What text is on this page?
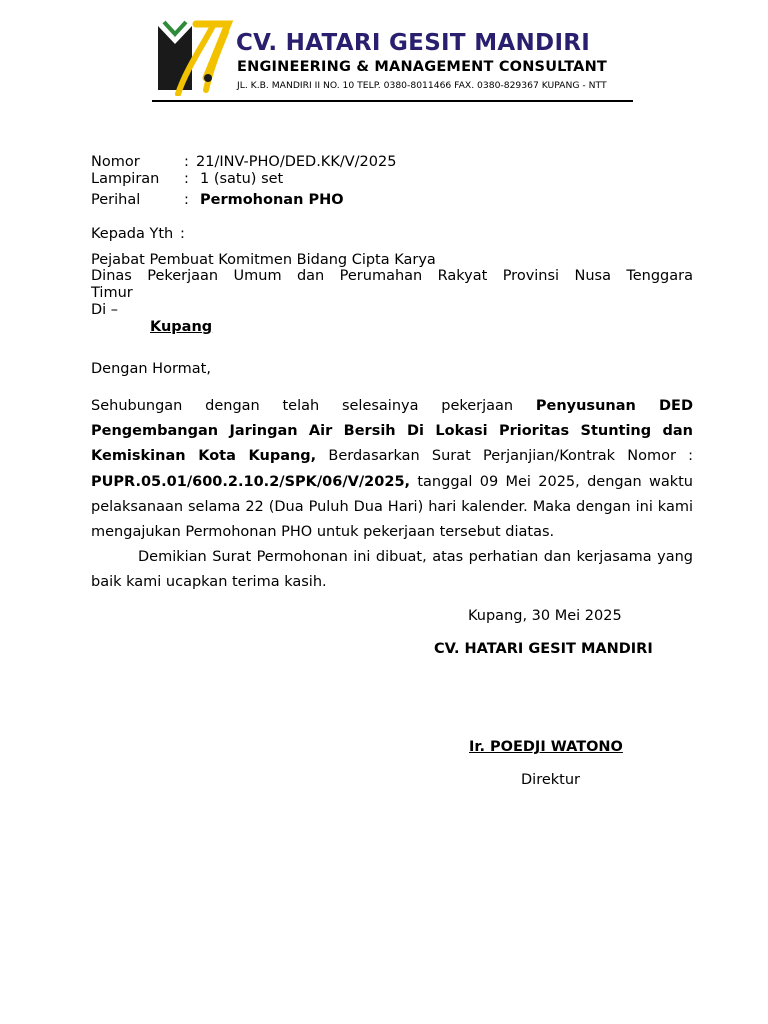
CV. HATARI GESIT MANDIRI
ENGINEERING & MANAGEMENT CONSULTANT
JL. K.B. MANDIRI II NO. 10 TELP. 0380-8011466 FAX. 0380-829367 KUPANG - NTT
Nomor	: 21/INV-PHO/DED.KK/V/2025
Lampiran : 1 (satu) set
Perihal	: Permohonan PHO
Kepada Yth :
Pejabat Pembuat Komitmen Bidang Cipta Karya
Dinas Pekerjaan Umum dan Perumahan Rakyat Provinsi Nusa Tenggara
Timur
Di –
Kupang
Dengan Hormat,

Sehubungan dengan telah selesainya pekerjaan Penyusunan DED Pengembangan Jaringan Air Bersih Di Lokasi Prioritas Stunting dan Kemiskinan Kota Kupang, Berdasarkan Surat Perjanjian/Kontrak Nomor : PUPR.05.01/600.2.10.2/SPK/06/V/2025, tanggal 09 Mei 2025, dengan waktu pelaksanaan selama 22 (Dua Puluh Dua Hari) hari kalender. Maka dengan ini kami mengajukan Permohonan PHO untuk pekerjaan tersebut diatas.

Demikian Surat Permohonan ini dibuat, atas perhatian dan kerjasama yang baik kami ucapkan terima kasih.

Kupang, 30 Mei 2025
CV. HATARI GESIT MANDIRI
Ir. POEDJI WATONO
Direktur
